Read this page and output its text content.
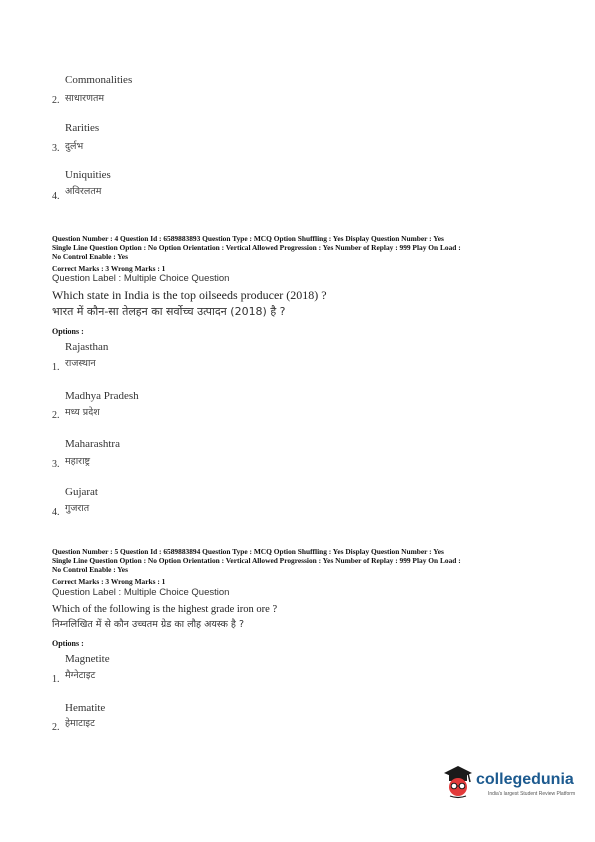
Commonalities
2. साधारणतम
Rarities
3. दुर्लभ
Uniquities
4. अविरलतम
Question Number : 4 Question Id : 6589883893 Question Type : MCQ Option Shuffling : Yes Display Question Number : Yes
Single Line Question Option : No Option Orientation : Vertical Allowed Progression : Yes Number of Replay : 999 Play On Load :
No Control Enable : Yes
Correct Marks : 3 Wrong Marks : 1
Question Label : Multiple Choice Question
Which state in India is the top oilseeds producer (2018) ?
भारत में कौन-सा तेलहन का सर्वोच्च उत्पादन (2018) है ?
Options :
Rajasthan
1. राजस्थान
Madhya Pradesh
2. मध्य प्रदेश
Maharashtra
3. महाराष्ट्र
Gujarat
4. गुजरात
Question Number : 5 Question Id : 6589883894 Question Type : MCQ Option Shuffling : Yes Display Question Number : Yes
Single Line Question Option : No Option Orientation : Vertical Allowed Progression : Yes Number of Replay : 999 Play On Load :
No Control Enable : Yes
Correct Marks : 3 Wrong Marks : 1
Question Label : Multiple Choice Question
Which of the following is the highest grade iron ore ?
निम्नलिखित में से कौन उच्चतम ग्रेड का लौह अयस्क है ?
Options :
Magnetite
1. मैग्नेटाइट
Hematite
2. हेमाटाइट
collegedunia
India's largest Student Review Platform
